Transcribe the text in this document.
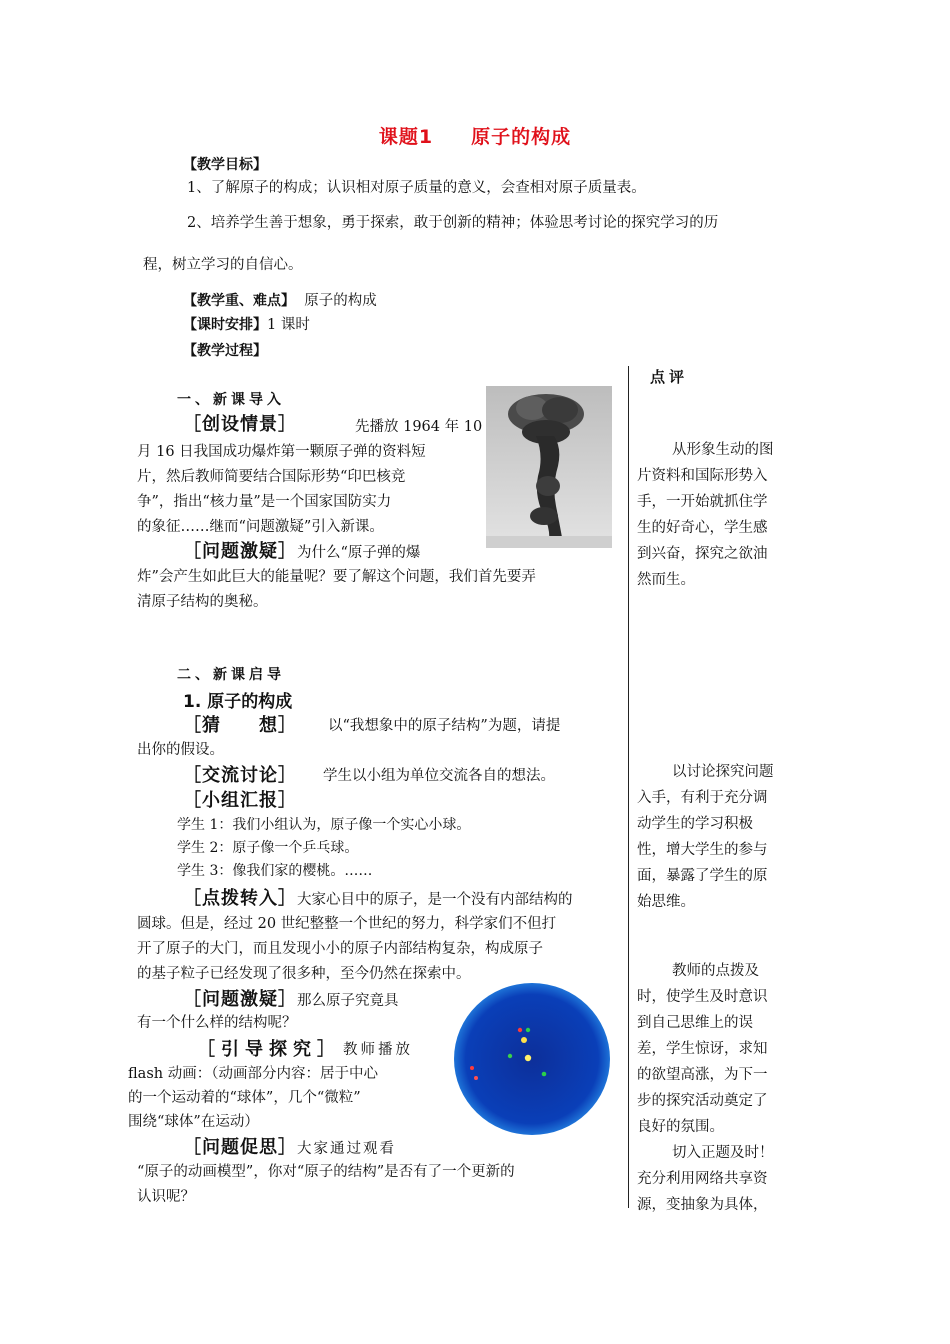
课题1 原子的构成
【教学目标】
1、了解原子的构成；认识相对原子质量的意义，会查相对原子质量表。
2、培养学生善于想象，勇于探索，敢于创新的精神；体验思考讨论的探究学习的历
程，树立学习的自信心。
【教学重、难点】 原子的构成
【课时安排】1 课时
【教学过程】
点评
一、新课导入
［创设情景］	先播放 1964 年 10
月 16 日我国成功爆炸第一颗原子弹的资料短
片，然后教师简要结合国际形势“印巴核竞
争”，指出“核力量”是一个国家国防实力
的象征……继而“问题激疑”引入新课。
［问题激疑］为什么“原子弹的爆
炸”会产生如此巨大的能量呢？要了解这个问题，我们首先要弄
清原子结构的奥秘。
从形象生动的图
片资料和国际形势入
手，一开始就抓住学
生的好奇心，学生感
到兴奋，探究之欲油
然而生。
二、新课启导
1. 原子的构成
［猜　　想］ 以“我想象中的原子结构”为题，请提
出你的假设。
［交流讨论］ 学生以小组为单位交流各自的想法。
［小组汇报］
学生 1：我们小组认为，原子像一个实心小球。
学生 2：原子像一个乒乓球。
学生 3：像我们家的樱桃。……
［点拨转入］大家心目中的原子，是一个没有内部结构的
圆球。但是，经过 20 世纪整整一个世纪的努力，科学家们不但打
开了原子的大门，而且发现小小的原子内部结构复杂，构成原子
的基子粒子已经发现了很多种，至今仍然在探索中。
［问题激疑］那么原子究竟具
有一个什么样的结构呢？
［引导探究］ 教师播放
flash 动画：（动画部分内容：居于中心
的一个运动着的“球体”，几个“微粒”
围绕“球体”在运动）
［问题促思］大家通过观看
“原子的动画模型”，你对“原子的结构”是否有了一个更新的
认识呢？
以讨论探究问题
入手，有利于充分调
动学生的学习积极
性，增大学生的参与
面，暴露了学生的原
始思维。
教师的点拨及
时，使学生及时意识
到自己思维上的误
差，学生惊讶，求知
的欲望高涨，为下一
步的探究活动奠定了
良好的氛围。
切入正题及时！
充分利用网络共享资
源，变抽象为具体，
